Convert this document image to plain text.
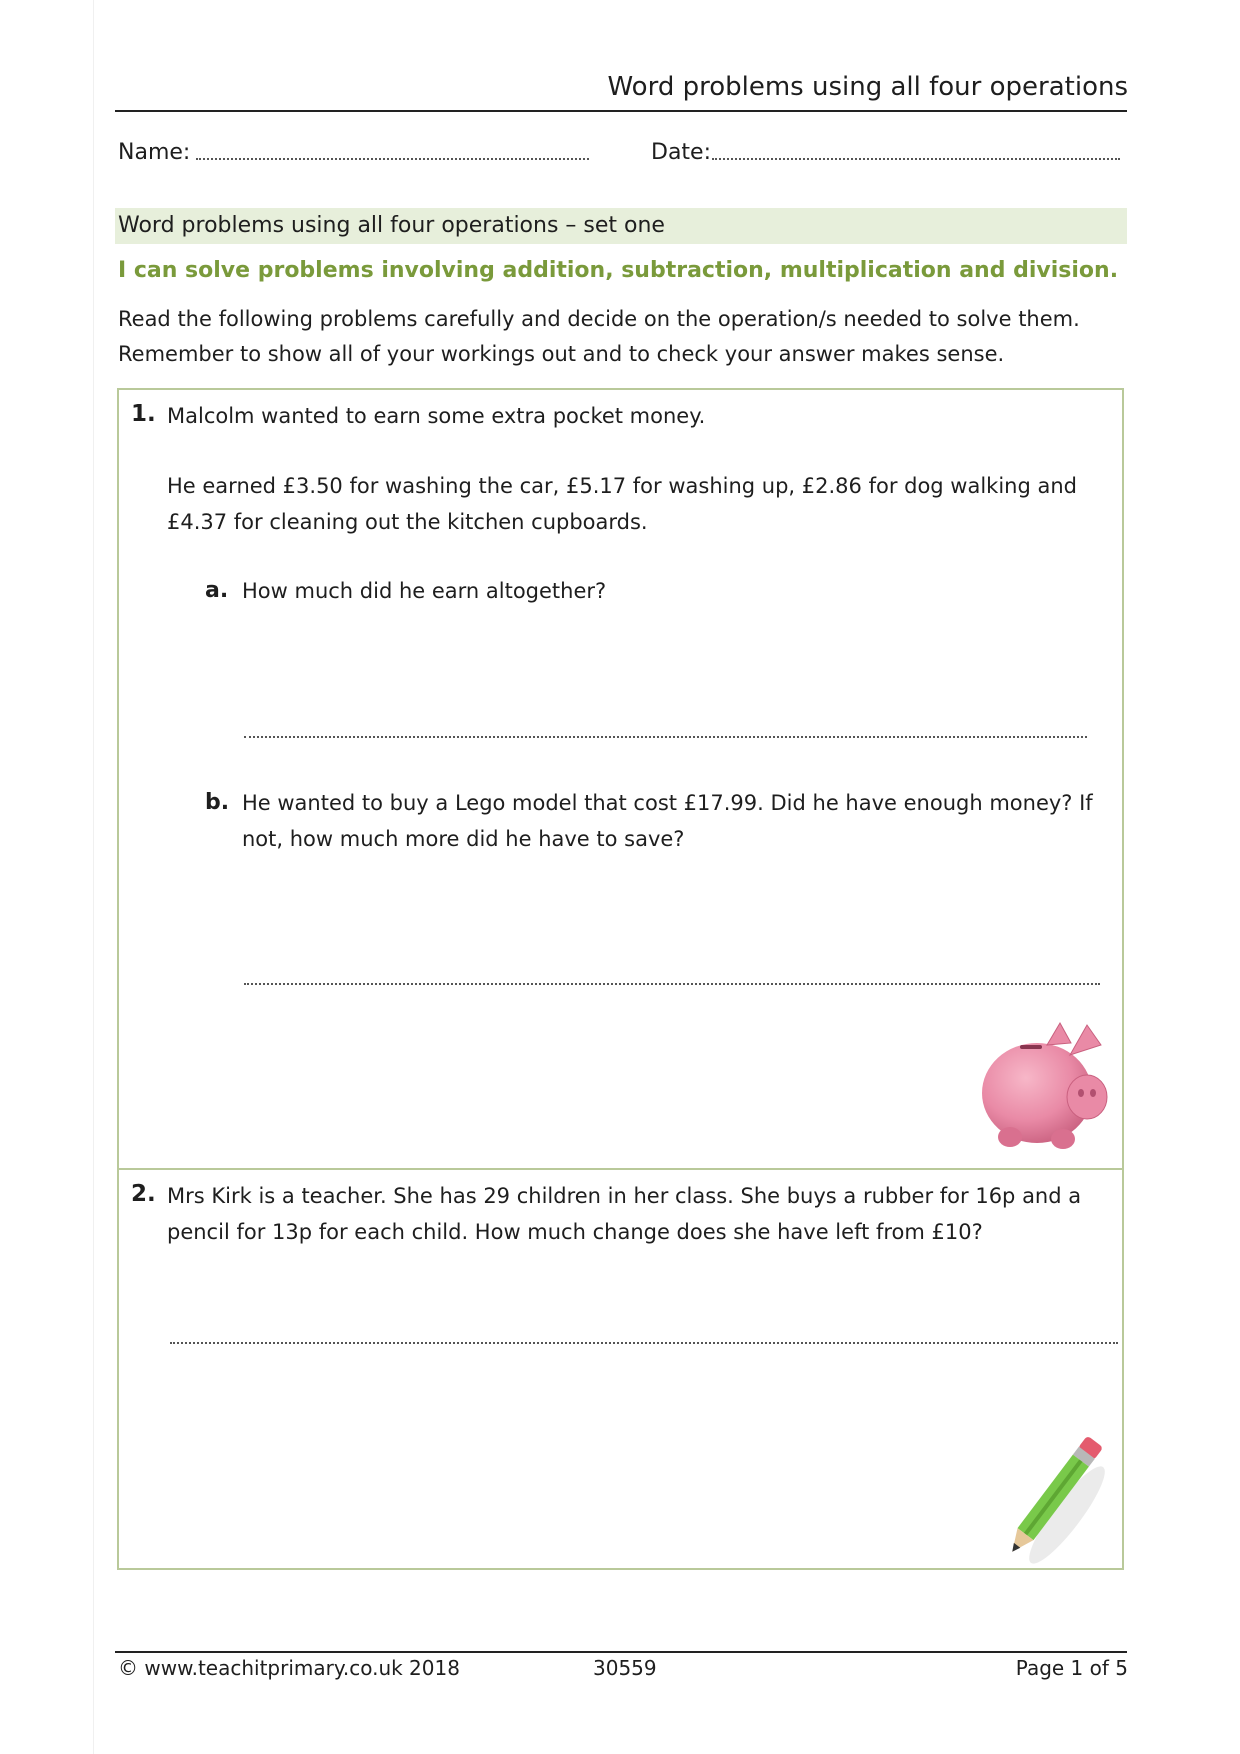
Word problems using all four operations
Name:	Date:
Word problems using all four operations – set one
I can solve problems involving addition, subtraction, multiplication and division.
Read the following problems carefully and decide on the operation/s needed to solve them.
Remember to show all of your workings out and to check your answer makes sense.
1. Malcolm wanted to earn some extra pocket money.
He earned £3.50 for washing the car, £5.17 for washing up, £2.86 for dog walking and
£4.37 for cleaning out the kitchen cupboards.
a. How much did he earn altogether?
b. He wanted to buy a Lego model that cost £17.99. Did he have enough money? If
not, how much more did he have to save?
2. Mrs Kirk is a teacher. She has 29 children in her class. She buys a rubber for 16p and a
pencil for 13p for each child. How much change does she have left from £10?
© www.teachitprimary.co.uk 2018	30559	Page 1 of 5
